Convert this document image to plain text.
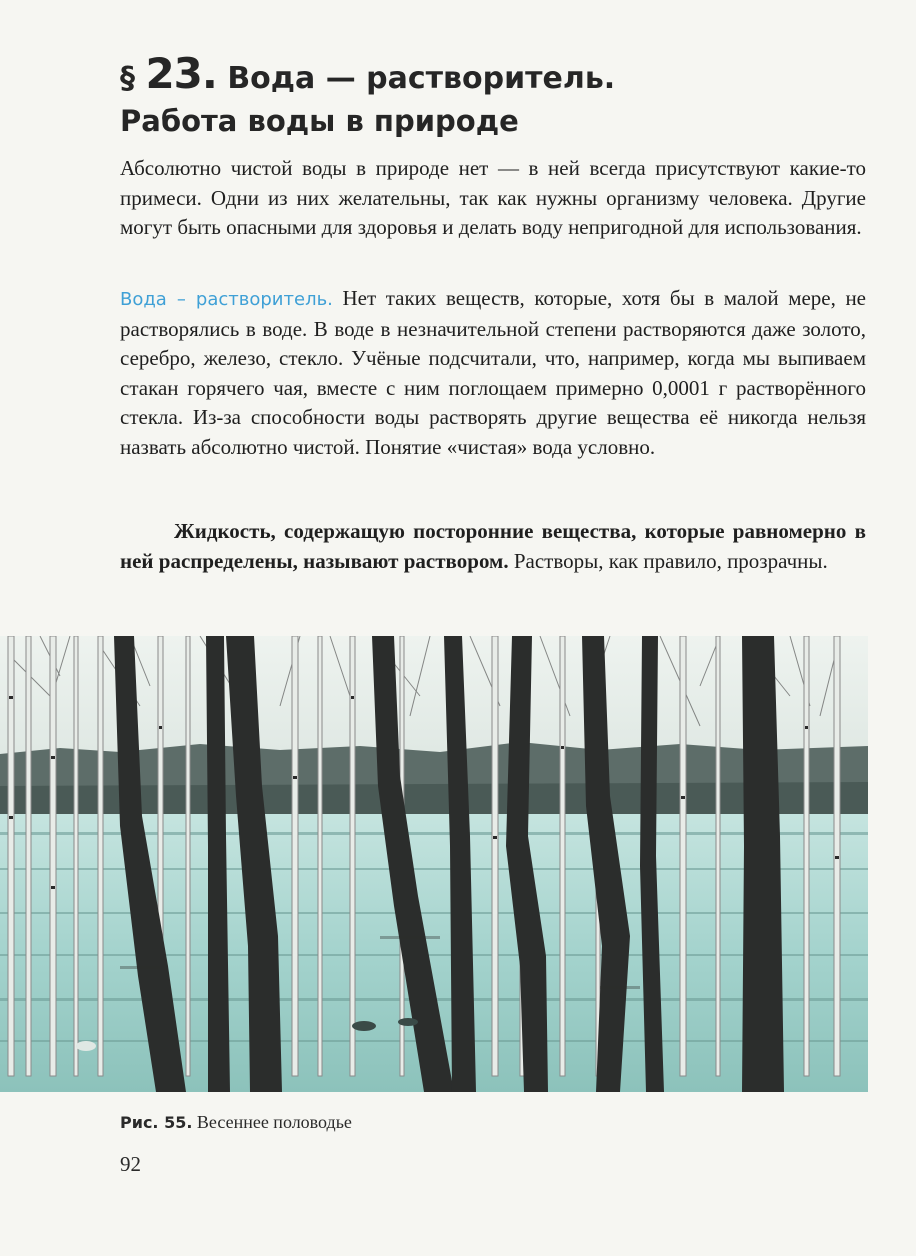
§ 23. Вода — растворитель.
Работа воды в природе

Абсолютно чистой воды в природе нет — в ней всегда присутствуют какие-то примеси. Одни из них желательны, так как нужны организму человека. Другие могут быть опасными для здоровья и делать воду непригодной для использования.

Вода – растворитель. Нет таких веществ, которые, хотя бы в малой мере, не растворялись в воде. В воде в незначительной степени растворяются даже золото, серебро, железо, стекло. Учёные подсчитали, что, например, когда мы выпиваем стакан горячего чая, вместе с ним поглощаем примерно 0,0001 г растворённого стекла. Из-за способности воды растворять другие вещества её никогда нельзя назвать абсолютно чистой. Понятие «чистая» вода условно.

Жидкость, содержащую посторонние вещества, которые равномерно в ней распределены, называют раствором. Растворы, как правило, прозрачны.

Рис. 55. Весеннее половодье
92
